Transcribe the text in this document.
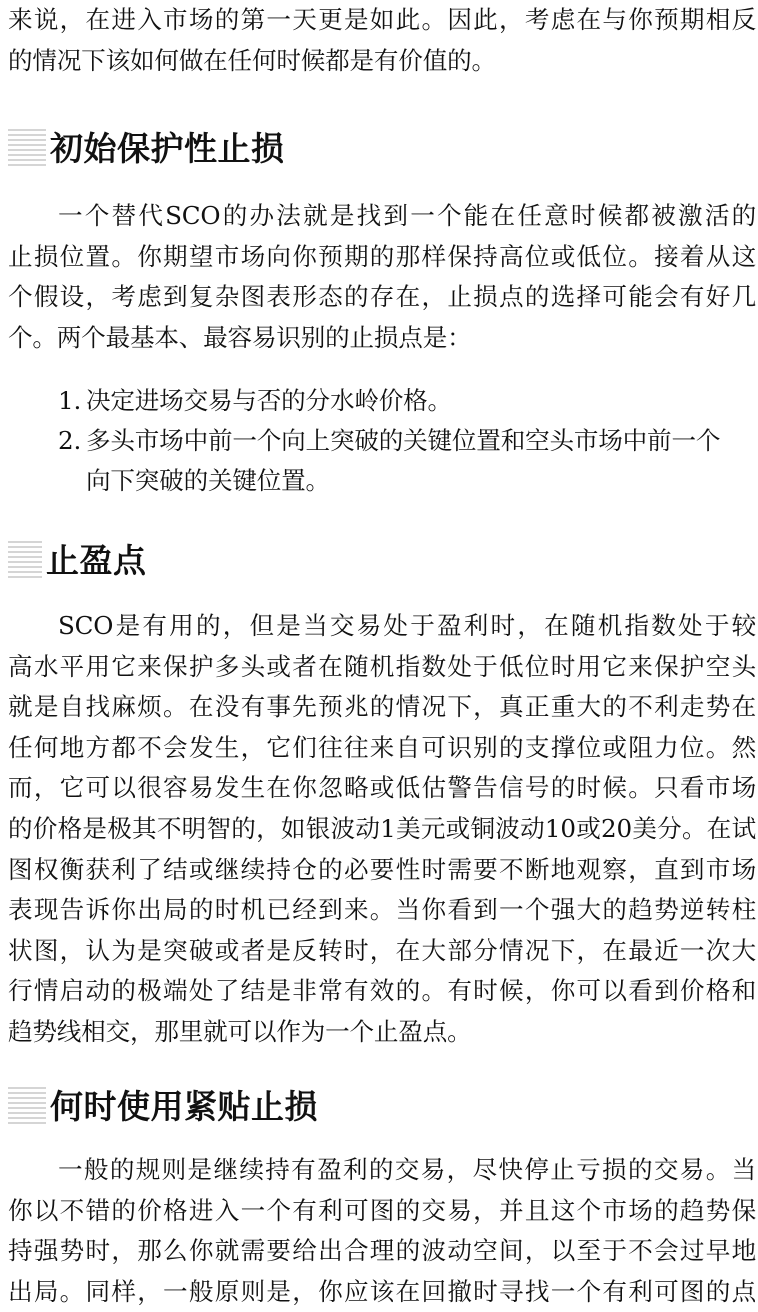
来说，在进入市场的第一天更是如此。因此，考虑在与你预期相反
的情况下该如何做在任何时候都是有价值的。
初始保护性止损
一个替代SCO的办法就是找到一个能在任意时候都被激活的
止损位置。你期望市场向你预期的那样保持高位或低位。接着从这
个假设，考虑到复杂图表形态的存在，止损点的选择可能会有好几
个。两个最基本、最容易识别的止损点是：
1. 决定进场交易与否的分水岭价格。
2. 多头市场中前一个向上突破的关键位置和空头市场中前一个
向下突破的关键位置。
止盈点
SCO是有用的，但是当交易处于盈利时，在随机指数处于较
高水平用它来保护多头或者在随机指数处于低位时用它来保护空头
就是自找麻烦。在没有事先预兆的情况下，真正重大的不利走势在
任何地方都不会发生，它们往往来自可识别的支撑位或阻力位。然
而，它可以很容易发生在你忽略或低估警告信号的时候。只看市场
的价格是极其不明智的，如银波动1美元或铜波动10或20美分。在试
图权衡获利了结或继续持仓的必要性时需要不断地观察，直到市场
表现告诉你出局的时机已经到来。当你看到一个强大的趋势逆转柱
状图，认为是突破或者是反转时，在大部分情况下，在最近一次大
行情启动的极端处了结是非常有效的。有时候，你可以看到价格和
趋势线相交，那里就可以作为一个止盈点。
何时使用紧贴止损
一般的规则是继续持有盈利的交易，尽快停止亏损的交易。当
你以不错的价格进入一个有利可图的交易，并且这个市场的趋势保
持强势时，那么你就需要给出合理的波动空间，以至于不会过早地
出局。同样，一般原则是，你应该在回撤时寻找一个有利可图的点
